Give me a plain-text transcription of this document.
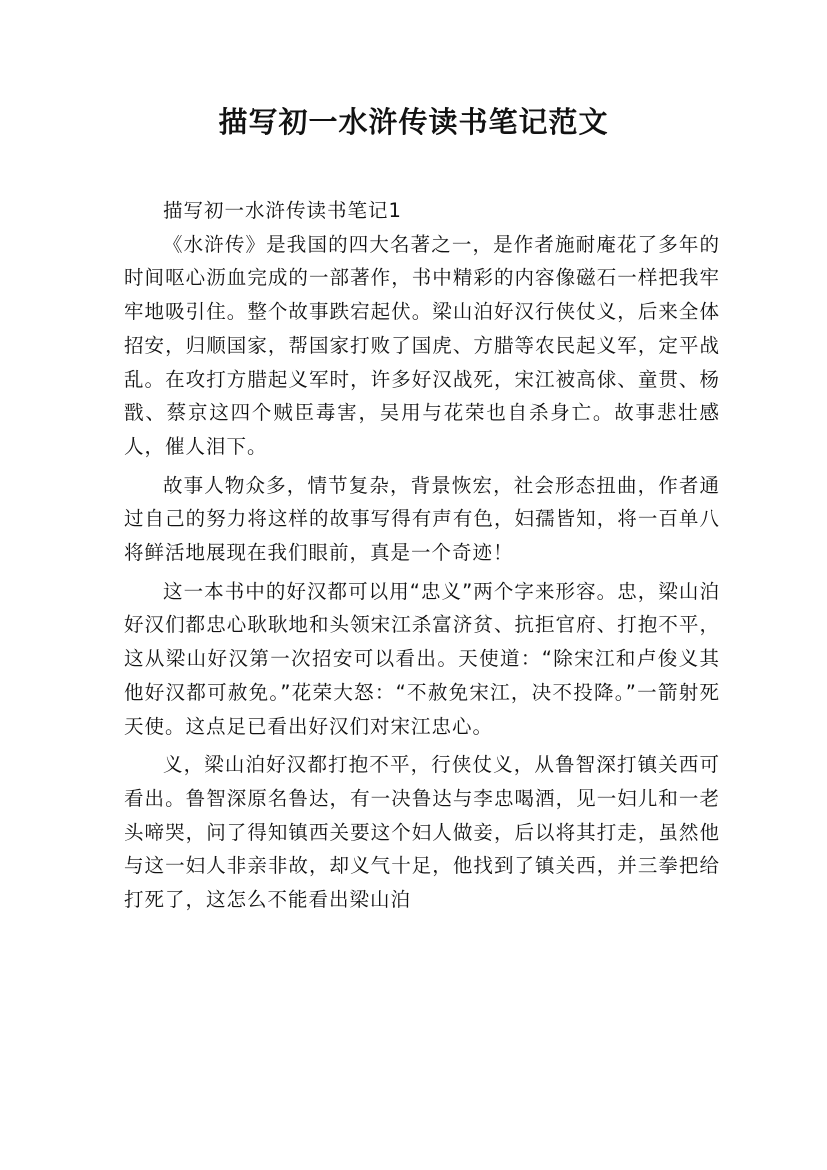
描写初一水浒传读书笔记范文

描写初一水浒传读书笔记1

《水浒传》是我国的四大名著之一，是作者施耐庵花了多年的时间呕心沥血完成的一部著作，书中精彩的内容像磁石一样把我牢牢地吸引住。整个故事跌宕起伏。梁山泊好汉行侠仗义，后来全体招安，归顺国家，帮国家打败了国虎、方腊等农民起义军，定平战乱。在攻打方腊起义军时，许多好汉战死，宋江被高俅、童贯、杨戬、蔡京这四个贼臣毒害，吴用与花荣也自杀身亡。故事悲壮感人，催人泪下。

故事人物众多，情节复杂，背景恢宏，社会形态扭曲，作者通过自己的努力将这样的故事写得有声有色，妇孺皆知，将一百单八将鲜活地展现在我们眼前，真是一个奇迹！

这一本书中的好汉都可以用“忠义”两个字来形容。忠，梁山泊好汉们都忠心耿耿地和头领宋江杀富济贫、抗拒官府、打抱不平，这从梁山好汉第一次招安可以看出。天使道：“除宋江和卢俊义其他好汉都可赦免。”花荣大怒：“不赦免宋江，决不投降。”一箭射死天使。这点足已看出好汉们对宋江忠心。

义，梁山泊好汉都打抱不平，行侠仗义，从鲁智深打镇关西可看出。鲁智深原名鲁达，有一决鲁达与李忠喝酒，见一妇儿和一老头啼哭，问了得知镇西关要这个妇人做妾，后以将其打走，虽然他与这一妇人非亲非故，却义气十足，他找到了镇关西，并三拳把给打死了，这怎么不能看出梁山泊
